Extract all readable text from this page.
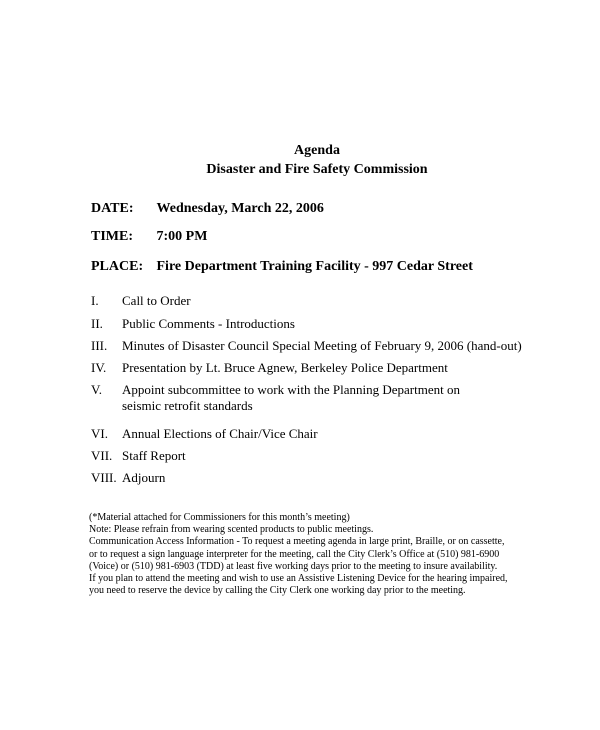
Agenda
Disaster and Fire Safety Commission
DATE: Wednesday, March 22, 2006
TIME: 7:00 PM
PLACE: Fire Department Training Facility - 997 Cedar Street
I. Call to Order
II. Public Comments - Introductions
III. Minutes of Disaster Council Special Meeting of February 9, 2006 (hand-out)
IV. Presentation by Lt. Bruce Agnew, Berkeley Police Department
V. Appoint subcommittee to work with the Planning Department on
seismic retrofit standards
VI. Annual Elections of Chair/Vice Chair
VII. Staff Report
VIII. Adjourn
(*Material attached for Commissioners for this month’s meeting)
Note: Please refrain from wearing scented products to public meetings.
Communication Access Information - To request a meeting agenda in large print, Braille, or on cassette,
or to request a sign language interpreter for the meeting, call the City Clerk’s Office at (510) 981-6900
(Voice) or (510) 981-6903 (TDD) at least five working days prior to the meeting to insure availability.
If you plan to attend the meeting and wish to use an Assistive Listening Device for the hearing impaired,
you need to reserve the device by calling the City Clerk one working day prior to the meeting.
